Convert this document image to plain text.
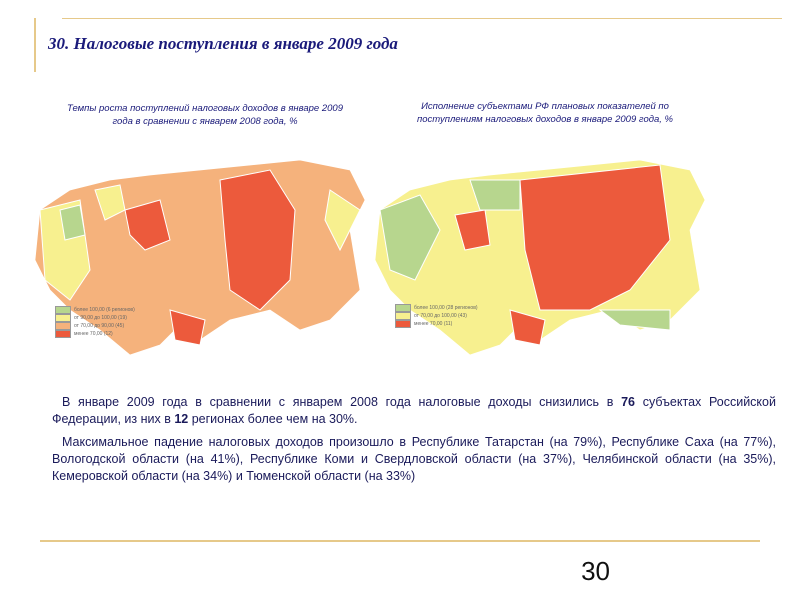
30. Налоговые поступления в январе 2009 года
Темпы роста поступлений налоговых доходов в январе 2009
года в сравнении с январем 2008 года, %
Исполнение субъектами РФ плановых показателей по
поступлениям налоговых доходов в январе 2009 года, %
более 100,00 (6 регионов)
от 90,00 до 100,00 (19)
от 70,00 до 90,00 (45)
менее 70,00 (12)
более 100,00 (28 регионов)
от 70,00 до 100,00 (43)
менее 70,00 (11)

В январе 2009 года в сравнении с январем 2008 года налоговые доходы снизились в 76 субъектах Российской Федерации, из них в 12 регионах более чем на 30%.

Максимальное падение налоговых доходов произошло в Республике Татарстан (на 79%), Республике Саха (на 77%), Вологодской области (на 41%), Республике Коми и Свердловской области (на 37%), Челябинской области (на 35%), Кемеровской области (на 34%) и Тюменской области (на 33%)

30
